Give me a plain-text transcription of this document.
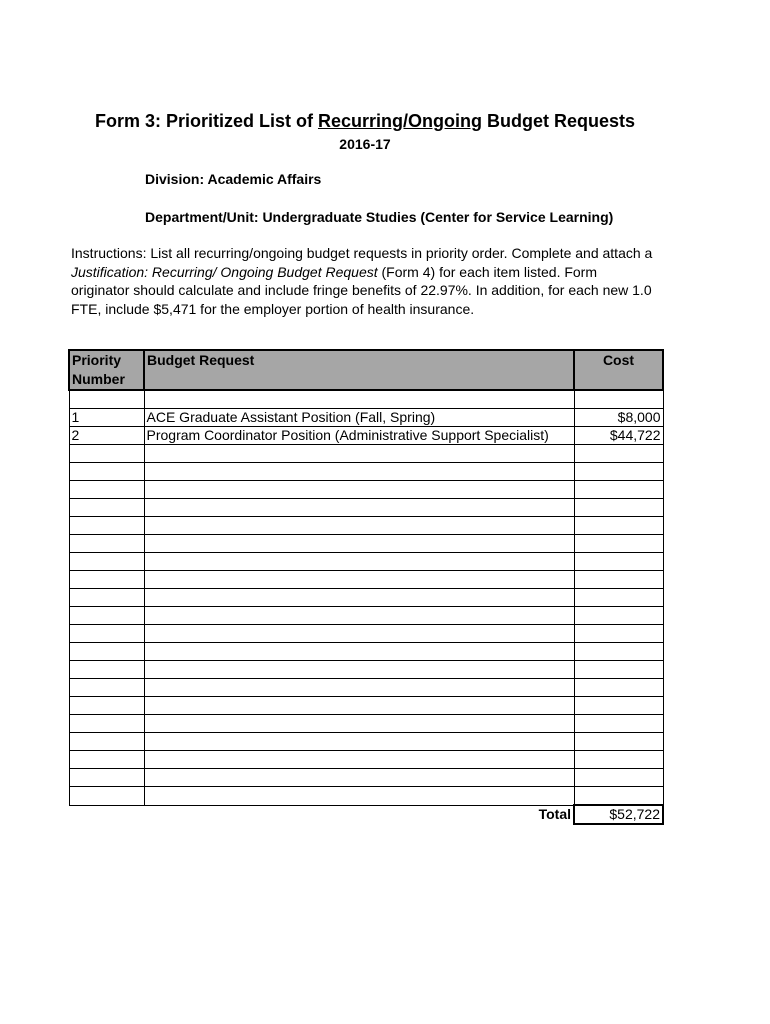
Form 3: Prioritized List of Recurring/Ongoing Budget Requests
2016-17
Division: Academic Affairs
Department/Unit: Undergraduate Studies (Center for Service Learning)
Instructions: List all recurring/ongoing budget requests in priority order. Complete and attach a
Justification: Recurring/ Ongoing Budget Request (Form 4) for each item listed. Form
originator should calculate and include fringe benefits of 22.97%. In addition, for each new 1.0
FTE, include $5,471 for the employer portion of health insurance.
Priority
Number	Budget Request	Cost

1	ACE Graduate Assistant Position (Fall, Spring)	$8,000
2	Program Coordinator Position (Administrative Support Specialist)	$44,722

	Total	$52,722
